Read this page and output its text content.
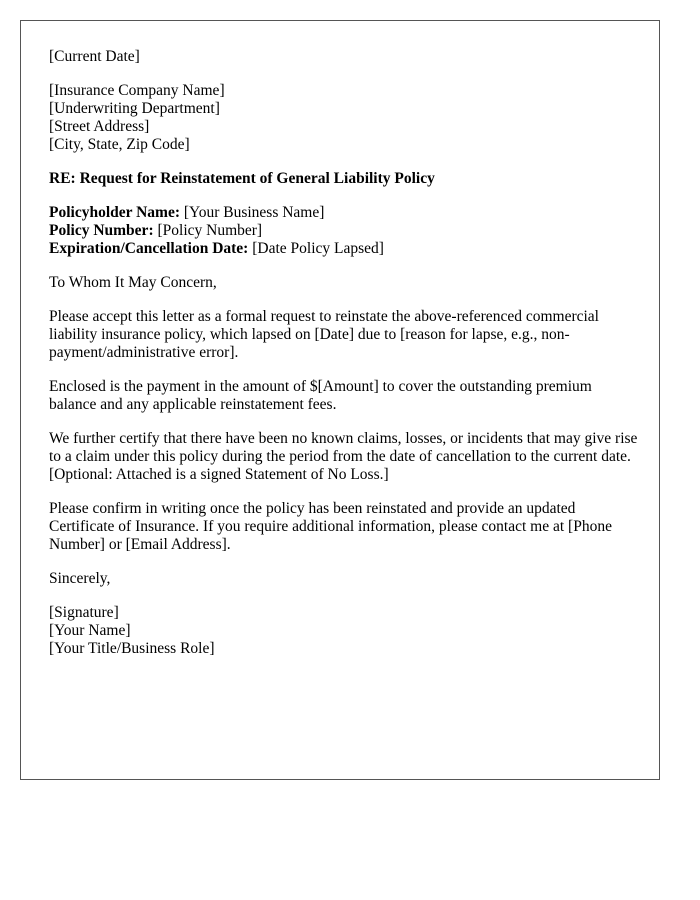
[Current Date]
[Insurance Company Name]
[Underwriting Department]
[Street Address]
[City, State, Zip Code]
RE: Request for Reinstatement of General Liability Policy
Policyholder Name: [Your Business Name]
Policy Number: [Policy Number]
Expiration/Cancellation Date: [Date Policy Lapsed]

To Whom It May Concern,

Please accept this letter as a formal request to reinstate the above-referenced commercial liability insurance policy, which lapsed on [Date] due to [reason for lapse, e.g., non-payment/administrative error].

Enclosed is the payment in the amount of $[Amount] to cover the outstanding premium balance and any applicable reinstatement fees.

We further certify that there have been no known claims, losses, or incidents that may give rise to a claim under this policy during the period from the date of cancellation to the current date. [Optional: Attached is a signed Statement of No Loss.]

Please confirm in writing once the policy has been reinstated and provide an updated Certificate of Insurance. If you require additional information, please contact me at [Phone Number] or [Email Address].

Sincerely,

[Signature]
[Your Name]
[Your Title/Business Role]
